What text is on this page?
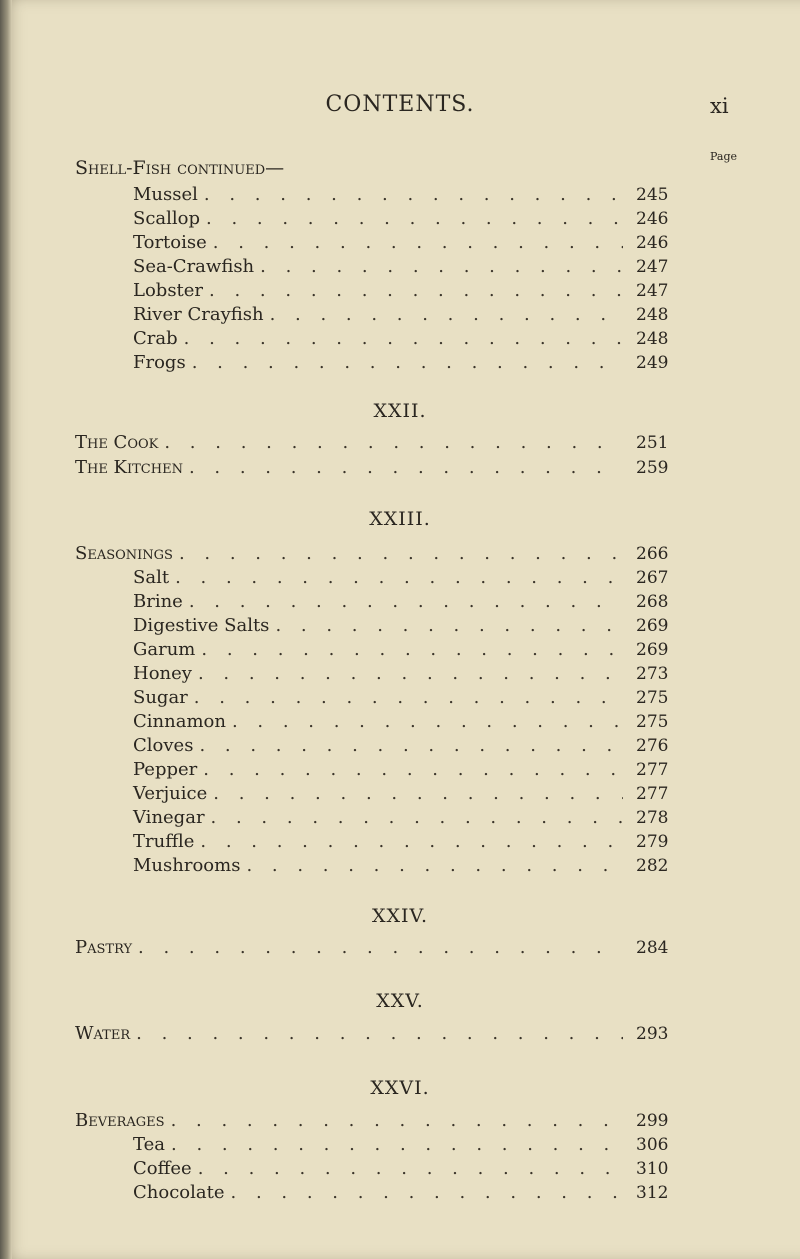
CONTENTS.	xi
Page
Shell-Fish continued—
Mussel . . .	245
Scallop . . .	246
Tortoise . . .	246
Sea-Crawfish . . .	247
Lobster . . .	247
River Crayfish . . .	248
Crab . . .	248
Frogs . . .	249
XXII.
The Cook . . .	251
The Kitchen . . .	259
XXIII.
Seasonings . . .	266
Salt . . .	267
Brine . . .	268
Digestive Salts . . .	269
Garum . . .	269
Honey . . .	273
Sugar . . .	275
Cinnamon . . .	275
Cloves . . .	276
Pepper . . .	277
Verjuice . . .	277
Vinegar . . .	278
Truffle . . .	279
Mushrooms . . .	282
XXIV.
Pastry . . .	284
XXV.
Water . . .	293
XXVI.
Beverages . . .	299
Tea . . .	306
Coffee . . .	310
Chocolate . . .	312
